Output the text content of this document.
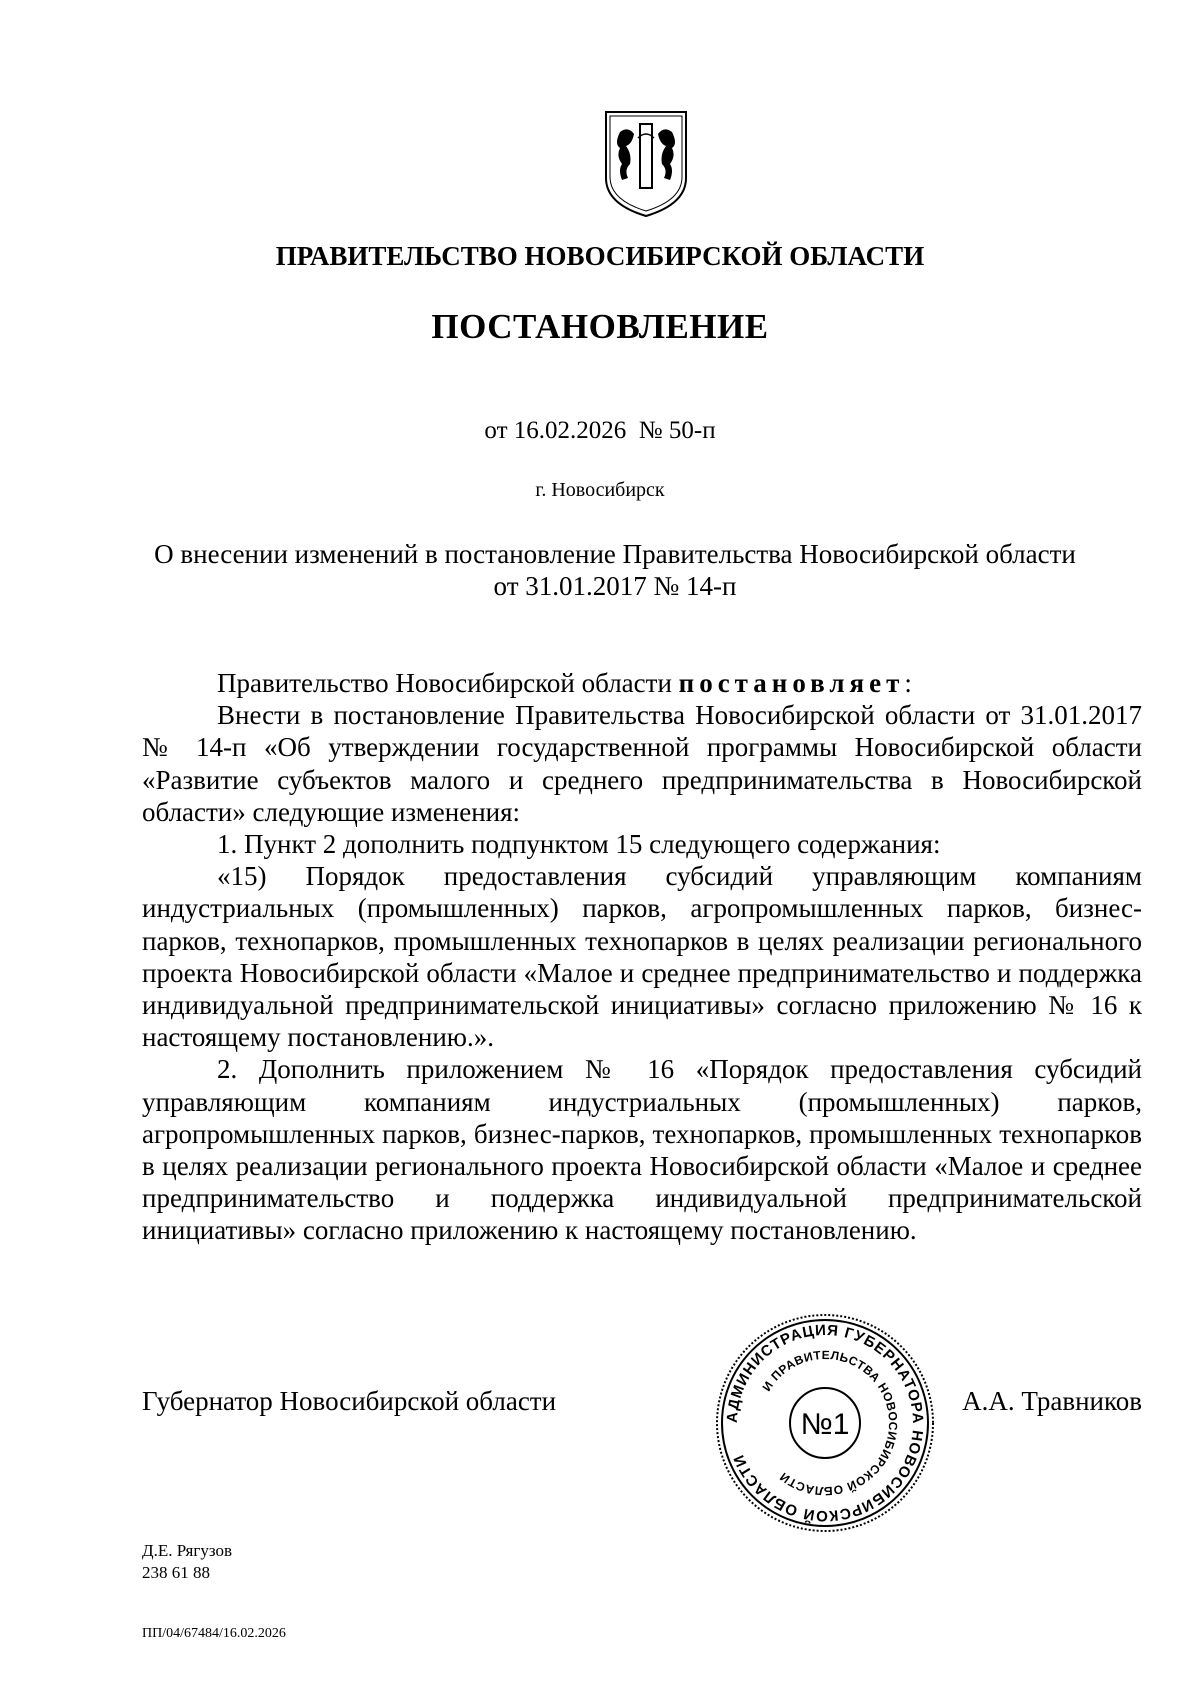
ПРАВИТЕЛЬСТВО НОВОСИБИРСКОЙ ОБЛАСТИ
ПОСТАНОВЛЕНИЕ
от 16.02.2026  № 50-п
г. Новосибирск
О внесении изменений в постановление Правительства Новосибирской области
от 31.01.2017 № 14-п

Правительство Новосибирской области постановляет:

Внести в постановление Правительства Новосибирской области от 31.01.2017 № 14-п «Об утверждении государственной программы Новосибирской области «Развитие субъектов малого и среднего предпринимательства в Новосибирской области» следующие изменения:

1. Пункт 2 дополнить подпунктом 15 следующего содержания:

«15) Порядок предоставления субсидий управляющим компаниям индустриальных (промышленных) парков, агропромышленных парков, бизнес-парков, технопарков, промышленных технопарков в целях реализации регионального проекта Новосибирской области «Малое и среднее предпринимательство и поддержка индивидуальной предпринимательской инициативы» согласно приложению № 16 к настоящему постановлению.».

2. Дополнить приложением № 16 «Порядок предоставления субсидий управляющим компаниям индустриальных (промышленных) парков, агропромышленных парков, бизнес-парков, технопарков, промышленных технопарков в целях реализации регионального проекта Новосибирской области «Малое и среднее предпринимательство и поддержка индивидуальной предпринимательской инициативы» согласно приложению к настоящему постановлению.

Губернатор Новосибирской области
АДМИНИСТРАЦИЯ ГУБЕРНАТОРА НОВОСИБИРСКОЙ ОБЛАСТИ
И ПРАВИТЕЛЬСТВА НОВОСИБИРСКОЙ ОБЛАСТИ
№1
А.А. Травников
Д.Е. Рягузов
238 61 88
ПП/04/67484/16.02.2026
